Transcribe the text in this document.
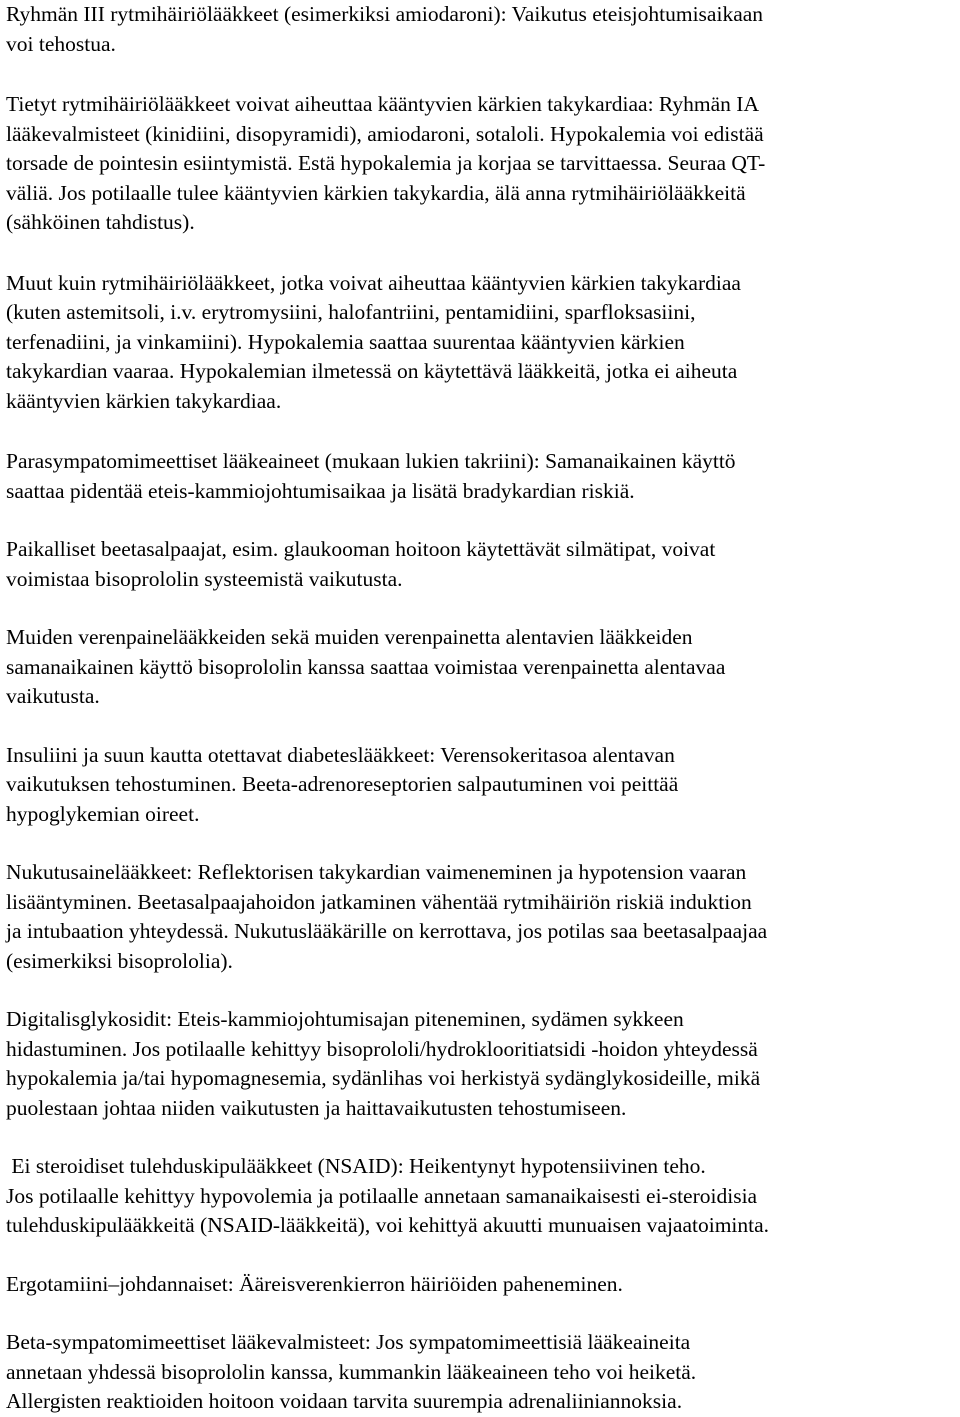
Ryhmän III rytmihäiriölääkkeet (esimerkiksi amiodaroni): Vaikutus eteisjohtumisaikaan
voi tehostua.

Tietyt rytmihäiriölääkkeet voivat aiheuttaa kääntyvien kärkien takykardiaa: Ryhmän IA
lääkevalmisteet (kinidiini, disopyramidi), amiodaroni, sotaloli. Hypokalemia voi edistää
torsade de pointesin esiintymistä. Estä hypokalemia ja korjaa se tarvittaessa. Seuraa QT-
väliä. Jos potilaalle tulee kääntyvien kärkien takykardia, älä anna rytmihäiriölääkkeitä
(sähköinen tahdistus).

Muut kuin rytmihäiriölääkkeet, jotka voivat aiheuttaa kääntyvien kärkien takykardiaa
(kuten astemitsoli, i.v. erytromysiini, halofantriini, pentamidiini, sparfloksasiini,
terfenadiini, ja vinkamiini). Hypokalemia saattaa suurentaa kääntyvien kärkien
takykardian vaaraa. Hypokalemian ilmetessä on käytettävä lääkkeitä, jotka ei aiheuta
kääntyvien kärkien takykardiaa.

Parasympatomimeettiset lääkeaineet (mukaan lukien takriini): Samanaikainen käyttö
saattaa pidentää eteis-kammiojohtumisaikaa ja lisätä bradykardian riskiä.

Paikalliset beetasalpaajat, esim. glaukooman hoitoon käytettävät silmätipat, voivat
voimistaa bisoprololin systeemistä vaikutusta.

Muiden verenpainelääkkeiden sekä muiden verenpainetta alentavien lääkkeiden
samanaikainen käyttö bisoprololin kanssa saattaa voimistaa verenpainetta alentavaa
vaikutusta.

Insuliini ja suun kautta otettavat diabeteslääkkeet: Verensokeritasoa alentavan
vaikutuksen tehostuminen. Beeta-adrenoreseptorien salpautuminen voi peittää
hypoglykemian oireet.

Nukutusainelääkkeet: Reflektorisen takykardian vaimeneminen ja hypotension vaaran
lisääntyminen. Beetasalpaajahoidon jatkaminen vähentää rytmihäiriön riskiä induktion
ja intubaation yhteydessä. Nukutuslääkärille on kerrottava, jos potilas saa beetasalpaajaa
(esimerkiksi bisoprololia).

Digitalisglykosidit: Eteis-kammiojohtumisajan piteneminen, sydämen sykkeen
hidastuminen. Jos potilaalle kehittyy bisoprololi/hydroklooritiatsidi -hoidon yhteydessä
hypokalemia ja/tai hypomagnesemia, sydänlihas voi herkistyä sydänglykosideille, mikä
puolestaan johtaa niiden vaikutusten ja haittavaikutusten tehostumiseen.

Ei steroidiset tulehduskipulääkkeet (NSAID): Heikentynyt hypotensiivinen teho.
Jos potilaalle kehittyy hypovolemia ja potilaalle annetaan samanaikaisesti ei-steroidisia
tulehduskipulääkkeitä (NSAID-lääkkeitä), voi kehittyä akuutti munuaisen vajaatoiminta.

Ergotamiini–johdannaiset: Ääreisverenkierron häiriöiden paheneminen.

Beta-sympatomimeettiset lääkevalmisteet: Jos sympatomimeettisiä lääkeaineita
annetaan yhdessä bisoprololin kanssa, kummankin lääkeaineen teho voi heiketä.
Allergisten reaktioiden hoitoon voidaan tarvita suurempia adrenaliiniannoksia.
